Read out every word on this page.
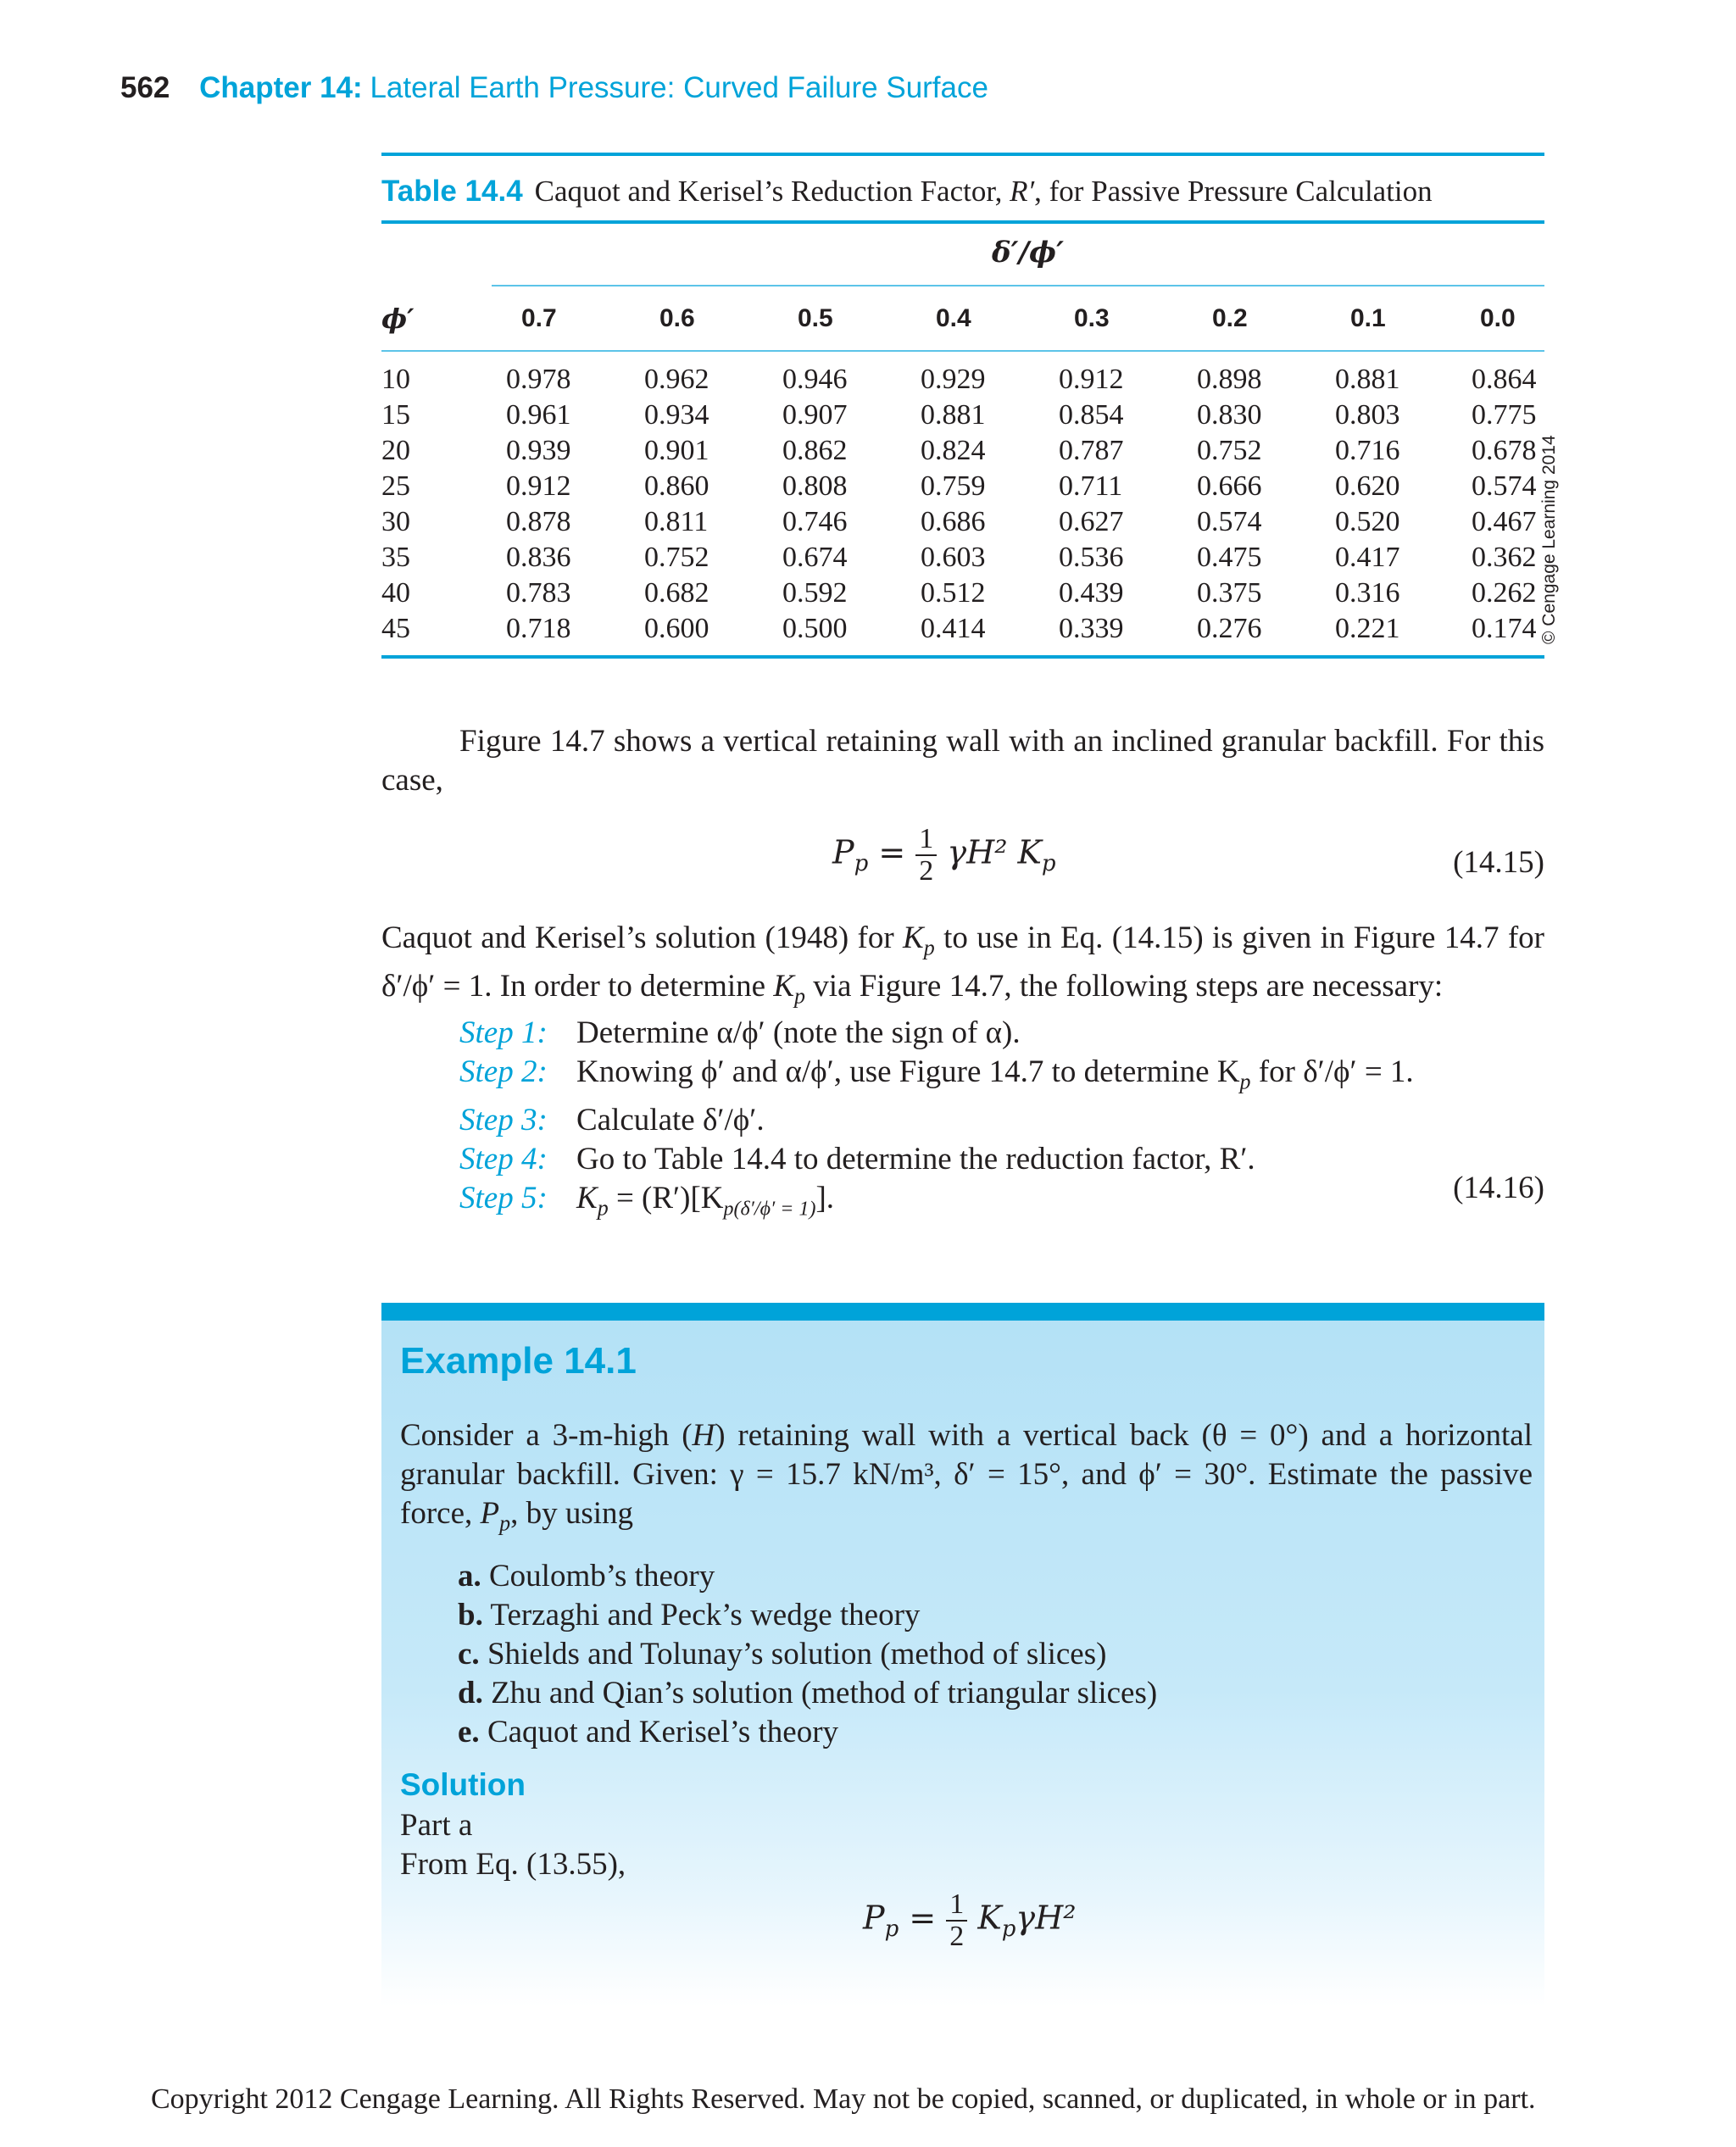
562 Chapter 14: Lateral Earth Pressure: Curved Failure Surface
Table 14.4 Caquot and Kerisel’s Reduction Factor, R′, for Passive Pressure Calculation
δ′/ϕ′
ϕ′	0.7	0.6	0.5	0.4	0.3	0.2	0.1	0.0
10	0.978	0.962	0.946	0.929	0.912	0.898	0.881	0.864
15	0.961	0.934	0.907	0.881	0.854	0.830	0.803	0.775
20	0.939	0.901	0.862	0.824	0.787	0.752	0.716	0.678
25	0.912	0.860	0.808	0.759	0.711	0.666	0.620	0.574
30	0.878	0.811	0.746	0.686	0.627	0.574	0.520	0.467
35	0.836	0.752	0.674	0.603	0.536	0.475	0.417	0.362
40	0.783	0.682	0.592	0.512	0.439	0.375	0.316	0.262
45	0.718	0.600	0.500	0.414	0.339	0.276	0.221	0.174 © Cengage Learning 2014
Figure 14.7 shows a vertical retaining wall with an inclined granular backfill. For this case,
$P_p = \frac{1}{2} \gamma H^2$ $K_p$	(14.15)
Caquot and Kerisel’s solution (1948) for $K_p$ to use in Eq. (14.15) is given in Figure 14.7 for δ′/ϕ′ = 1. In order to determine $K_p$ via Figure 14.7, the following steps are necessary:
Step 1: Determine α/ϕ′ (note the sign of α).
Step 2: Knowing ϕ′ and α/ϕ′, use Figure 14.7 to determine $K_p$ for δ′/ϕ′ = 1.
Step 3: Calculate δ′/ϕ′.
Step 4: Go to Table 14.4 to determine the reduction factor, R′.
Step 5: $K_p = (R')[K_{p(\delta'/\phi' = 1)}]$.	(14.16)
Example 14.1
Consider a 3-m-high (H) retaining wall with a vertical back (θ = 0°) and a horizontal granular backfill. Given: γ = 15.7 kN/m³, δ′ = 15°, and ϕ′ = 30°. Estimate the passive force, $P_p$, by using
a. Coulomb’s theory
b. Terzaghi and Peck’s wedge theory
c. Shields and Tolunay’s solution (method of slices)
d. Zhu and Qian’s solution (method of triangular slices)
e. Caquot and Kerisel’s theory
Solution
Part a
From Eq. (13.55),
$P_p = \frac{1}{2} K_p\gamma H^2$
Copyright 2012 Cengage Learning. All Rights Reserved. May not be copied, scanned, or duplicated, in whole or in part.
